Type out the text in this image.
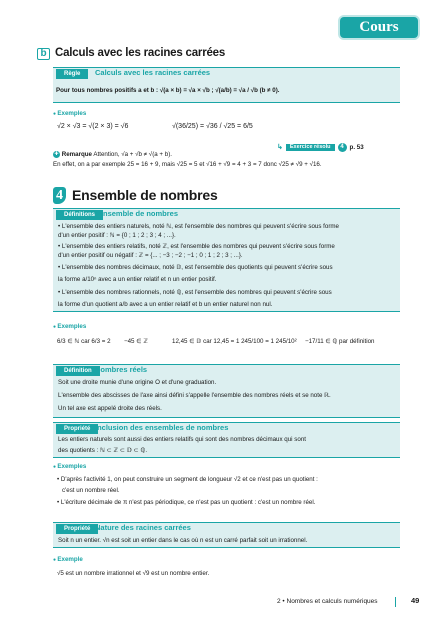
Cours
b Calculs avec les racines carrées
Règle	Calculs avec les racines carrées
Pour tous nombres positifs a et b : √(a × b) = √a × √b ; √(a/b) = √a / √b (b ≠ 0).
● Exemples
√2 × √3 = √(2 × 3) = √6	√(36/25) = √36 / √25 = 6/5
↳	Exercice résolu	4 p. 53
✚ Remarque Attention, √a + √b ≠ √(a + b).
En effet, on a par exemple 25 = 16 + 9, mais √25 = 5 et √16 + √9 = 4 + 3 = 7 donc √25 ≠ √9 + √16.
4 Ensemble de nombres
Définitions Ensemble de nombres
• L'ensemble des entiers naturels, noté ℕ, est l'ensemble des nombres qui peuvent s'écrire sous forme
d'un entier positif : ℕ = {0 ; 1 ; 2 ; 3 ; 4 ; ...}.
• L'ensemble des entiers relatifs, noté ℤ, est l'ensemble des nombres qui peuvent s'écrire sous forme
d'un entier positif ou négatif : ℤ = {... ; −3 ; −2 ; −1 ; 0 ; 1 ; 2 ; 3 ; ...}.
• L'ensemble des nombres décimaux, noté 𝔻, est l'ensemble des quotients qui peuvent s'écrire sous
la forme a/10ⁿ avec a un entier relatif et n un entier positif.
• L'ensemble des nombres rationnels, noté ℚ, est l'ensemble des nombres qui peuvent s'écrire sous
la forme d'un quotient a/b avec a un entier relatif et b un entier naturel non nul.
● Exemples
6/3 ∈ ℕ car 6/3 = 2 −45 ∈ ℤ	12,45 ∈ 𝔻 car 12,45 = 1 245/100 = 1 245/10² −17/11 ∈ ℚ par définition
Définition Nombres réels
Soit une droite munie d'une origine O et d'une graduation.
L'ensemble des abscisses de l'axe ainsi défini s'appelle l'ensemble des nombres réels et se note ℝ.
Un tel axe est appelé droite des réels.
Propriété Inclusion des ensembles de nombres
Les entiers naturels sont aussi des entiers relatifs qui sont des nombres décimaux qui sont
des quotients : ℕ ⊂ ℤ ⊂ 𝔻 ⊂ ℚ.
● Exemples
• D'après l'activité 1, on peut construire un segment de longueur √2 et ce n'est pas un quotient :
c'est un nombre réel.
• L'écriture décimale de π n'est pas périodique, ce n'est pas un quotient : c'est un nombre réel.
Propriété Nature des racines carrées
Soit n un entier. √n est soit un entier dans le cas où n est un carré parfait soit un irrationnel.
● Exemple
√5 est un nombre irrationnel et √9 est un nombre entier.
2 • Nombres et calculs numériques	49
